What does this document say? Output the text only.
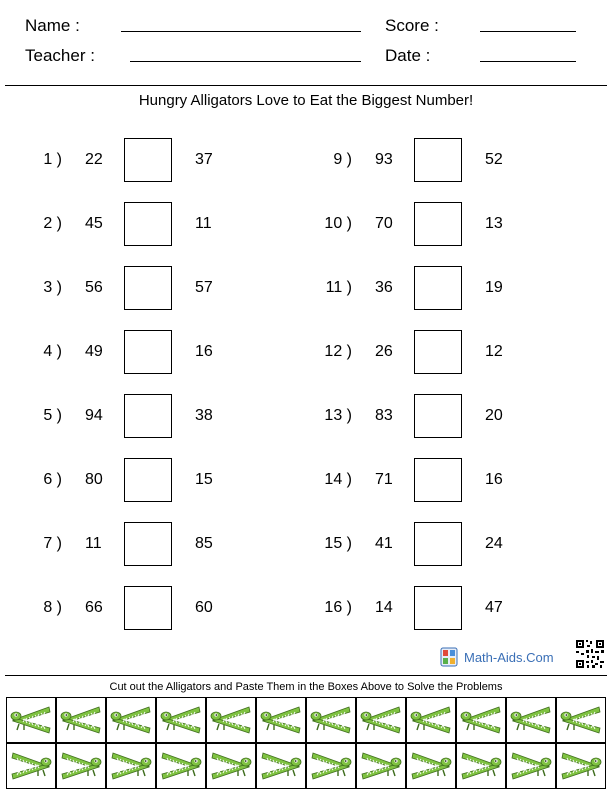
Name :	Score :
Teacher :	Date :
Hungry Alligators Love to Eat the Biggest Number!
1 ) 22	37
2 ) 45	11
3 ) 56	57
4 ) 49	16
5 ) 94	38
6 ) 80	15
7 ) 11	85
8 ) 66	60
9 ) 93	52
10 ) 70	13
11 ) 36	19
12 ) 26	12
13 ) 83	20
14 ) 71	16
15 ) 41	24
16 ) 14	47
Math-Aids.Com
Cut out the Alligators and Paste Them in the Boxes Above to Solve the Problems
